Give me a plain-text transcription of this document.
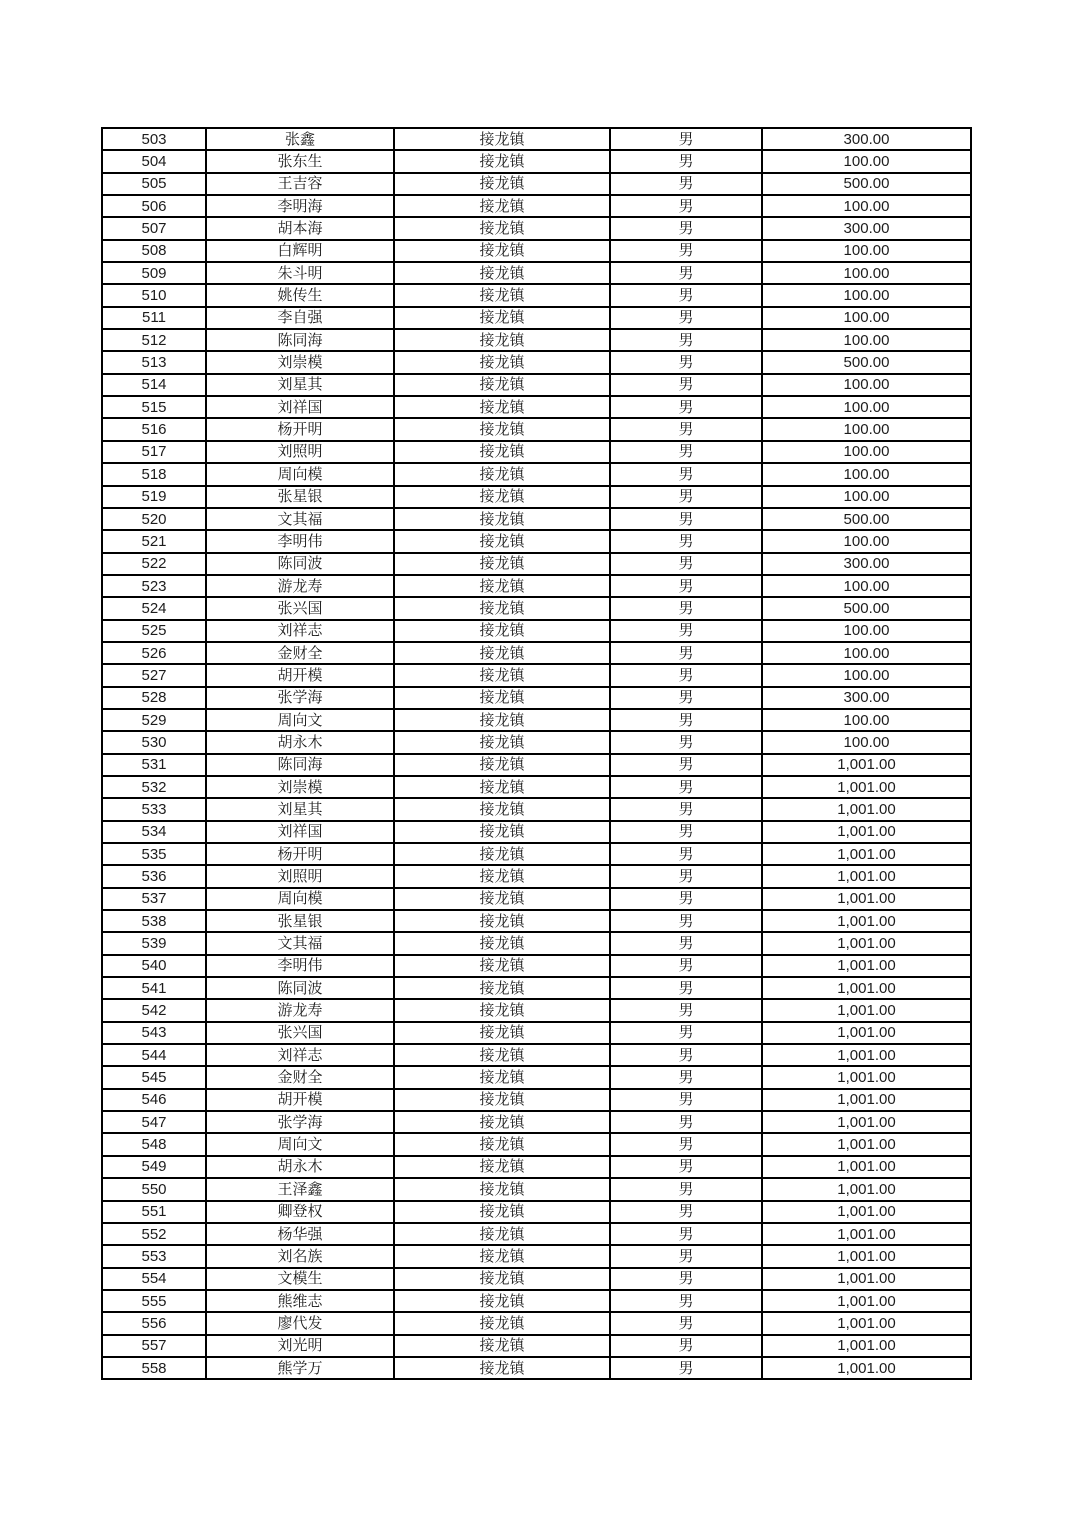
503	张鑫	接龙镇	男	300.00
504	张东生	接龙镇	男	100.00
505	王吉容	接龙镇	男	500.00
506	李明海	接龙镇	男	100.00
507	胡本海	接龙镇	男	300.00
508	白辉明	接龙镇	男	100.00
509	朱斗明	接龙镇	男	100.00
510	姚传生	接龙镇	男	100.00
511	李自强	接龙镇	男	100.00
512	陈同海	接龙镇	男	100.00
513	刘崇模	接龙镇	男	500.00
514	刘星其	接龙镇	男	100.00
515	刘祥国	接龙镇	男	100.00
516	杨开明	接龙镇	男	100.00
517	刘照明	接龙镇	男	100.00
518	周向模	接龙镇	男	100.00
519	张星银	接龙镇	男	100.00
520	文其福	接龙镇	男	500.00
521	李明伟	接龙镇	男	100.00
522	陈同波	接龙镇	男	300.00
523	游龙寿	接龙镇	男	100.00
524	张兴国	接龙镇	男	500.00
525	刘祥志	接龙镇	男	100.00
526	金财全	接龙镇	男	100.00
527	胡开模	接龙镇	男	100.00
528	张学海	接龙镇	男	300.00
529	周向文	接龙镇	男	100.00
530	胡永木	接龙镇	男	100.00
531	陈同海	接龙镇	男	1,001.00
532	刘崇模	接龙镇	男	1,001.00
533	刘星其	接龙镇	男	1,001.00
534	刘祥国	接龙镇	男	1,001.00
535	杨开明	接龙镇	男	1,001.00
536	刘照明	接龙镇	男	1,001.00
537	周向模	接龙镇	男	1,001.00
538	张星银	接龙镇	男	1,001.00
539	文其福	接龙镇	男	1,001.00
540	李明伟	接龙镇	男	1,001.00
541	陈同波	接龙镇	男	1,001.00
542	游龙寿	接龙镇	男	1,001.00
543	张兴国	接龙镇	男	1,001.00
544	刘祥志	接龙镇	男	1,001.00
545	金财全	接龙镇	男	1,001.00
546	胡开模	接龙镇	男	1,001.00
547	张学海	接龙镇	男	1,001.00
548	周向文	接龙镇	男	1,001.00
549	胡永木	接龙镇	男	1,001.00
550	王泽鑫	接龙镇	男	1,001.00
551	卿登权	接龙镇	男	1,001.00
552	杨华强	接龙镇	男	1,001.00
553	刘名族	接龙镇	男	1,001.00
554	文模生	接龙镇	男	1,001.00
555	熊维志	接龙镇	男	1,001.00
556	廖代发	接龙镇	男	1,001.00
557	刘光明	接龙镇	男	1,001.00
558	熊学万	接龙镇	男	1,001.00
